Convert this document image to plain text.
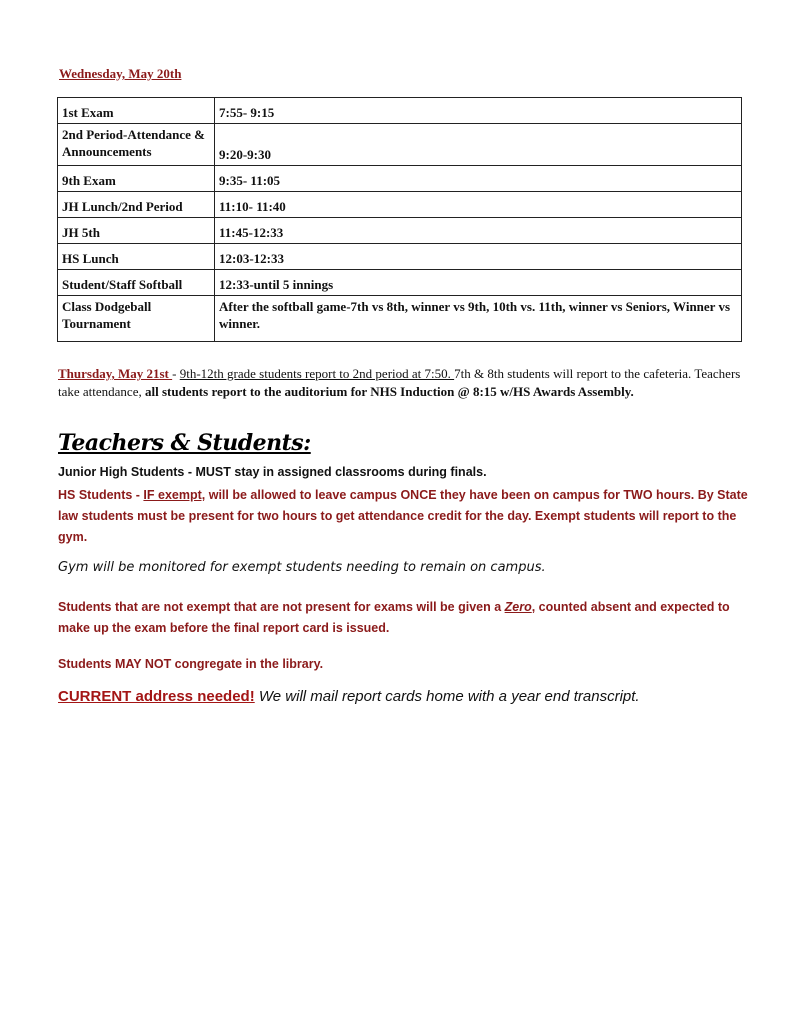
Wednesday, May 20th
1st Exam	7:55- 9:15
2nd Period-Attendance & Announcements	9:20-9:30
9th Exam	9:35- 11:05
JH Lunch/2nd Period	11:10- 11:40
JH 5th	11:45-12:33
HS Lunch	12:03-12:33
Student/Staff Softball	12:33-until 5 innings
Class Dodgeball Tournament	After the softball game-7th vs 8th, winner vs 9th, 10th vs. 11th, winner vs Seniors, Winner vs winner.
Thursday, May 21st - 9th-12th grade students report to 2nd period at 7:50. 7th & 8th students will report to the cafeteria. Teachers take attendance, all students report to the auditorium for NHS Induction @ 8:15 w/HS Awards Assembly.
Teachers & Students:
Junior High Students - MUST stay in assigned classrooms during finals.
HS Students - IF exempt, will be allowed to leave campus ONCE they have been on campus for TWO hours. By State law students must be present for two hours to get attendance credit for the day. Exempt students will report to the gym.
Gym will be monitored for exempt students needing to remain on campus.
Students that are not exempt that are not present for exams will be given a Zero, counted absent and expected to make up the exam before the final report card is issued.
Students MAY NOT congregate in the library.
CURRENT address needed! We will mail report cards home with a year end transcript.
